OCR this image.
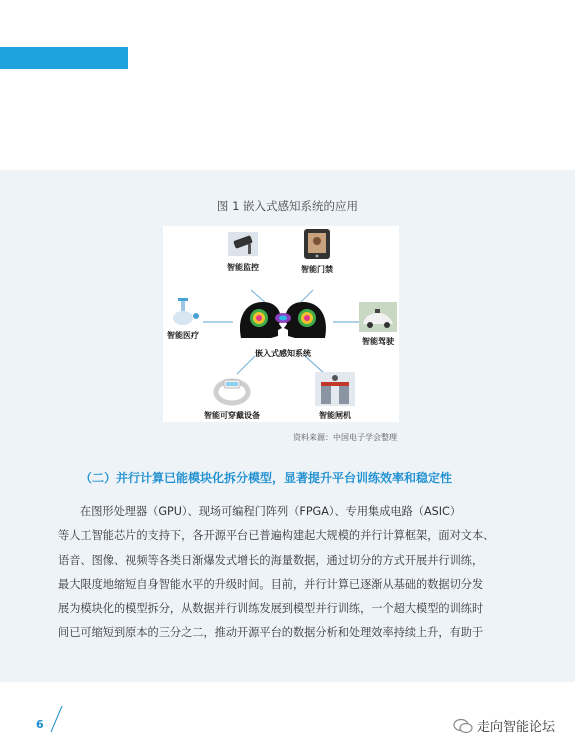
图 1 嵌入式感知系统的应用
嵌入式感知系统
智能监控	智能门禁
智能医疗
智能驾驶
智能可穿戴设备	智能闸机
资料来源：中国电子学会整理
（二）并行计算已能模块化拆分模型，显著提升平台训练效率和稳定性
在图形处理器（GPU）、现场可编程门阵列（FPGA）、专用集成电路（ASIC）
等人工智能芯片的支持下，各开源平台已普遍构建起大规模的并行计算框架，面对文本、
语音、图像、视频等各类日渐爆发式增长的海量数据，通过切分的方式开展并行训练，
最大限度地缩短自身智能水平的升级时间。目前，并行计算已逐渐从基础的数据切分发
展为模块化的模型拆分，从数据并行训练发展到模型并行训练，一个超大模型的训练时
间已可缩短到原本的三分之二，推动开源平台的数据分析和处理效率持续上升，有助于
6	走向智能论坛
